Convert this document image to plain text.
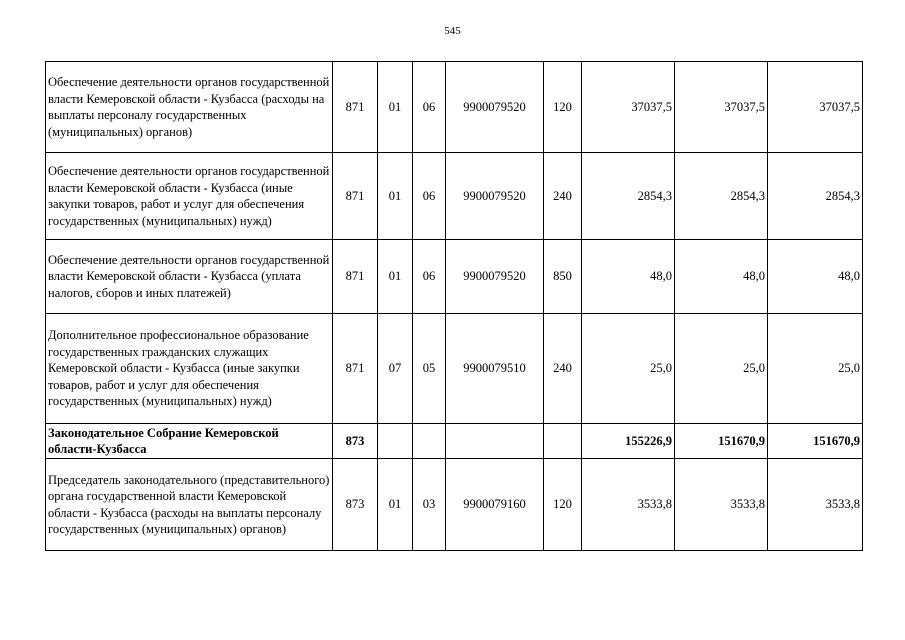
545
Обеспечение деятельности органов государственной власти Кемеровской области - Кузбасса (расходы на выплаты персоналу государственных (муниципальных) органов)	871	01	06	9900079520	120	37037,5	37037,5	37037,5
Обеспечение деятельности органов государственной власти Кемеровской области - Кузбасса (иные закупки товаров, работ и услуг для обеспечения государственных (муниципальных) нужд)	871	01	06	9900079520	240	2854,3	2854,3	2854,3
Обеспечение деятельности органов государственной власти Кемеровской области - Кузбасса (уплата налогов, сборов и иных платежей)	871	01	06	9900079520	850	48,0	48,0	48,0
Дополнительное профессиональное образование государственных гражданских служащих Кемеровской области - Кузбасса (иные закупки товаров, работ и услуг для обеспечения государственных (муниципальных) нужд)	871	07	05	9900079510	240	25,0	25,0	25,0
Законодательное Собрание Кемеровской области-Кузбасса	873					155226,9	151670,9	151670,9
Председатель законодательного (представительного) органа государственной власти Кемеровской области - Кузбасса (расходы на выплаты персоналу государственных (муниципальных) органов)	873	01	03	9900079160	120	3533,8	3533,8	3533,8
